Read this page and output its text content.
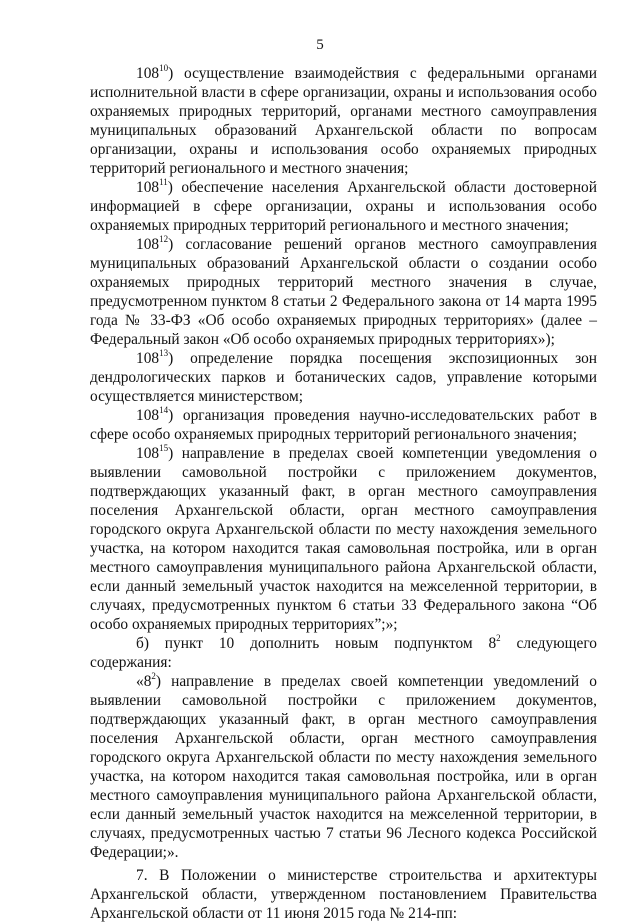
5

$108^{10}$) осуществление взаимодействия с федеральными органами исполнительной власти в сфере организации, охраны и использования особо охраняемых природных территорий, органами местного самоуправления муниципальных образований Архангельской области по вопросам организации, охраны и использования особо охраняемых природных территорий регионального и местного значения;

$108^{11}$) обеспечение населения Архангельской области достоверной информацией в сфере организации, охраны и использования особо охраняемых природных территорий регионального и местного значения;

$108^{12}$) согласование решений органов местного самоуправления муниципальных образований Архангельской области о создании особо охраняемых природных территорий местного значения в случае, предусмотренном пунктом 8 статьи 2 Федерального закона от 14 марта 1995 года № 33-ФЗ «Об особо охраняемых природных территориях» (далее – Федеральный закон «Об особо охраняемых природных территориях»);

$108^{13}$) определение порядка посещения экспозиционных зон дендрологических парков и ботанических садов, управление которыми осуществляется министерством;

$108^{14}$) организация проведения научно-исследовательских работ в сфере особо охраняемых природных территорий регионального значения;

$108^{15}$) направление в пределах своей компетенции уведомления о выявлении самовольной постройки с приложением документов, подтверждающих указанный факт, в орган местного самоуправления поселения Архангельской области, орган местного самоуправления городского округа Архангельской области по месту нахождения земельного участка, на котором находится такая самовольная постройка, или в орган местного самоуправления муниципального района Архангельской области, если данный земельный участок находится на межселенной территории, в случаях, предусмотренных пунктом 6 статьи 33 Федерального закона “Об особо охраняемых природных территориях”;»;

б) пункт 10 дополнить новым подпунктом $8^2$ следующего содержания:

«$8^2$) направление в пределах своей компетенции уведомлений о выявлении самовольной постройки с приложением документов, подтверждающих указанный факт, в орган местного самоуправления поселения Архангельской области, орган местного самоуправления городского округа Архангельской области по месту нахождения земельного участка, на котором находится такая самовольная постройка, или в орган местного самоуправления муниципального района Архангельской области, если данный земельный участок находится на межселенной территории, в случаях, предусмотренных частью 7 статьи 96 Лесного кодекса Российской Федерации;».

7. В Положении о министерстве строительства и архитектуры Архангельской области, утвержденном постановлением Правительства Архангельской области от 11 июня 2015 года № 214-пп:
